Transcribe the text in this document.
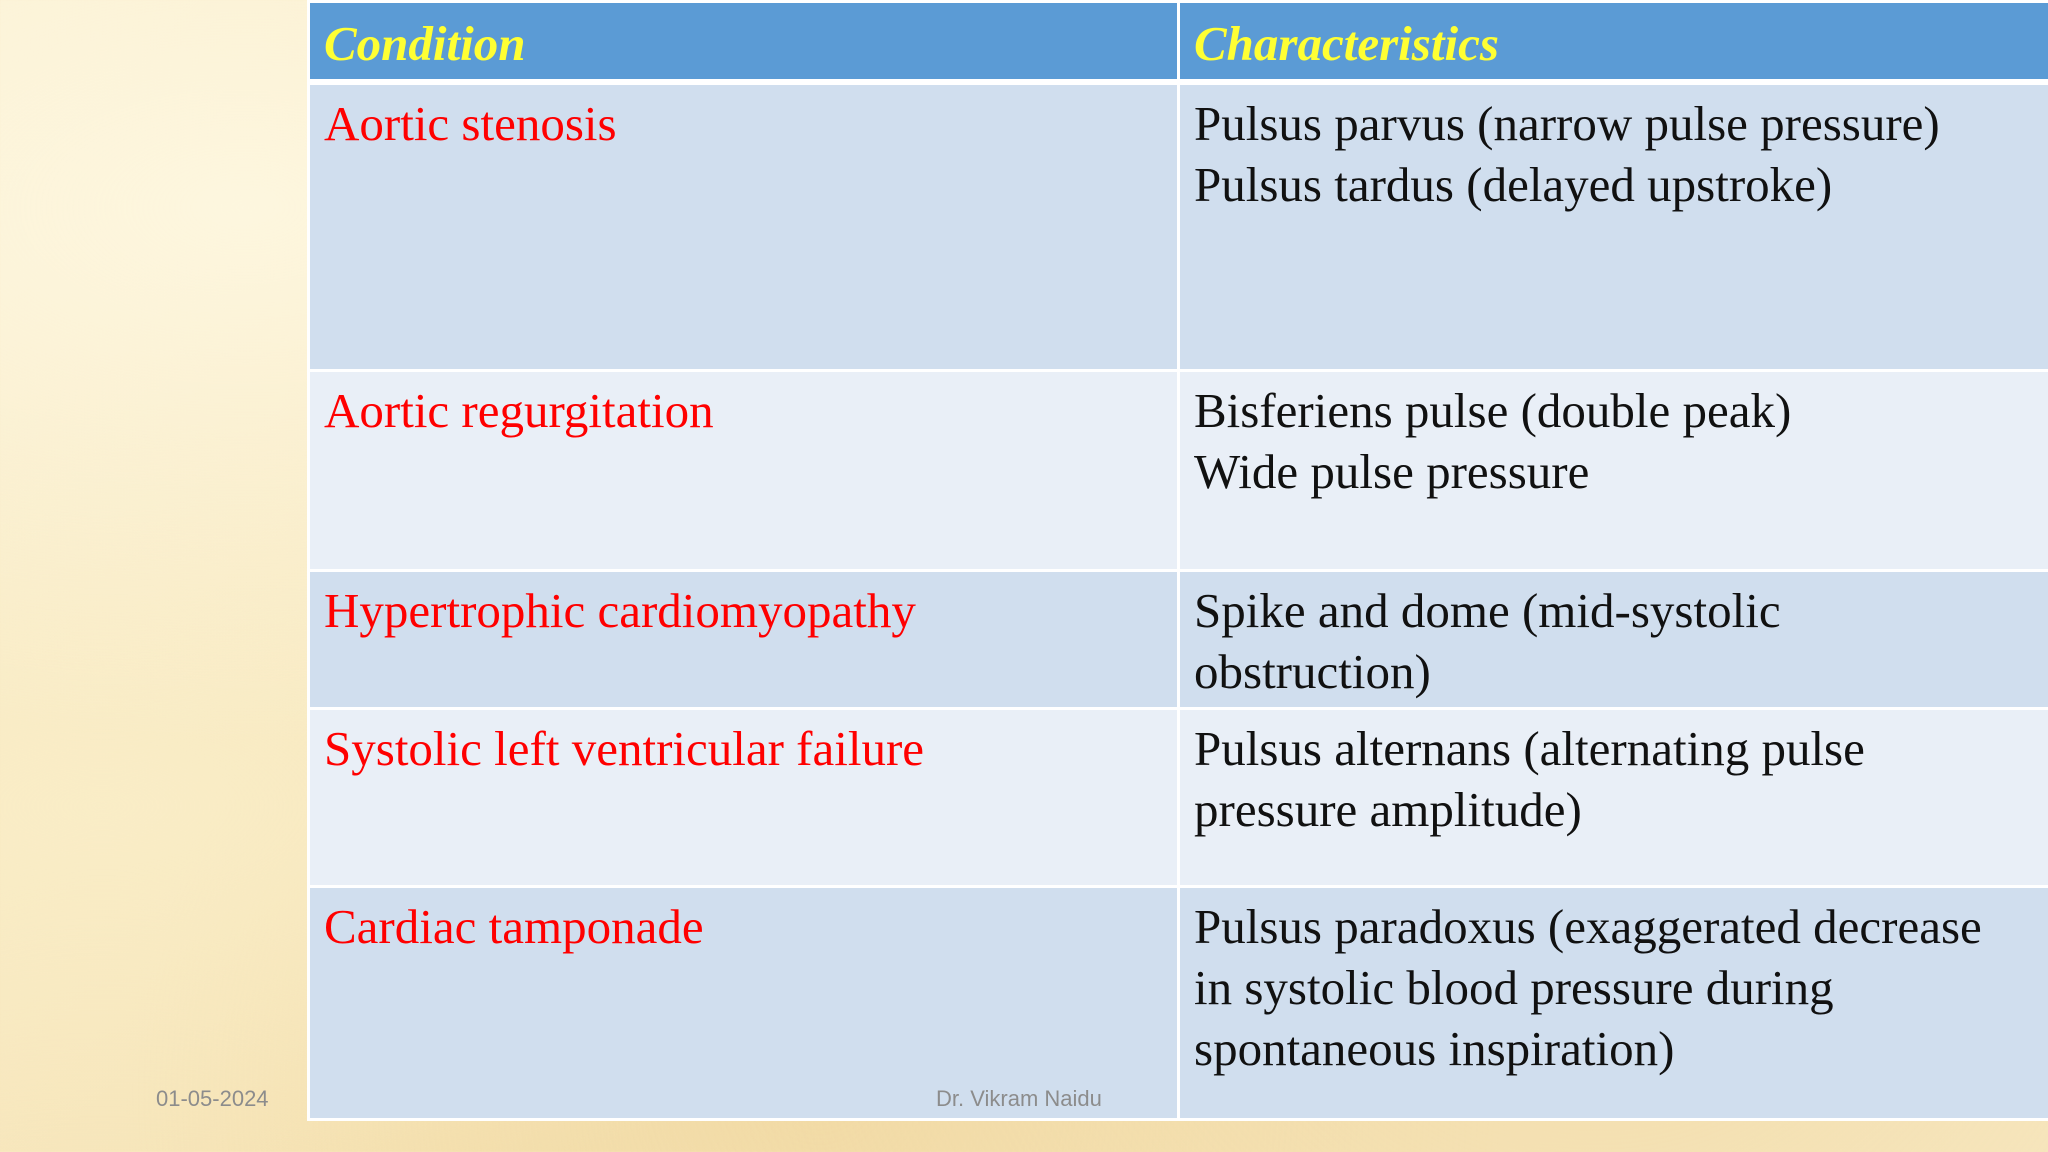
Condition	Characteristics
Aortic stenosis	Pulsus parvus (narrow pulse pressure)
Pulsus tardus (delayed upstroke)

Aortic regurgitation	Bisferiens pulse (double peak)
Wide pulse pressure

Hypertrophic cardiomyopathy	Spike and dome (mid-systolic
obstruction)

Systolic left ventricular failure	Pulsus alternans (alternating pulse
pressure amplitude)

Cardiac tamponade	Pulsus paradoxus (exaggerated decrease
in systolic blood pressure during
spontaneous inspiration)
01-05-2024	Dr. Vikram Naidu
